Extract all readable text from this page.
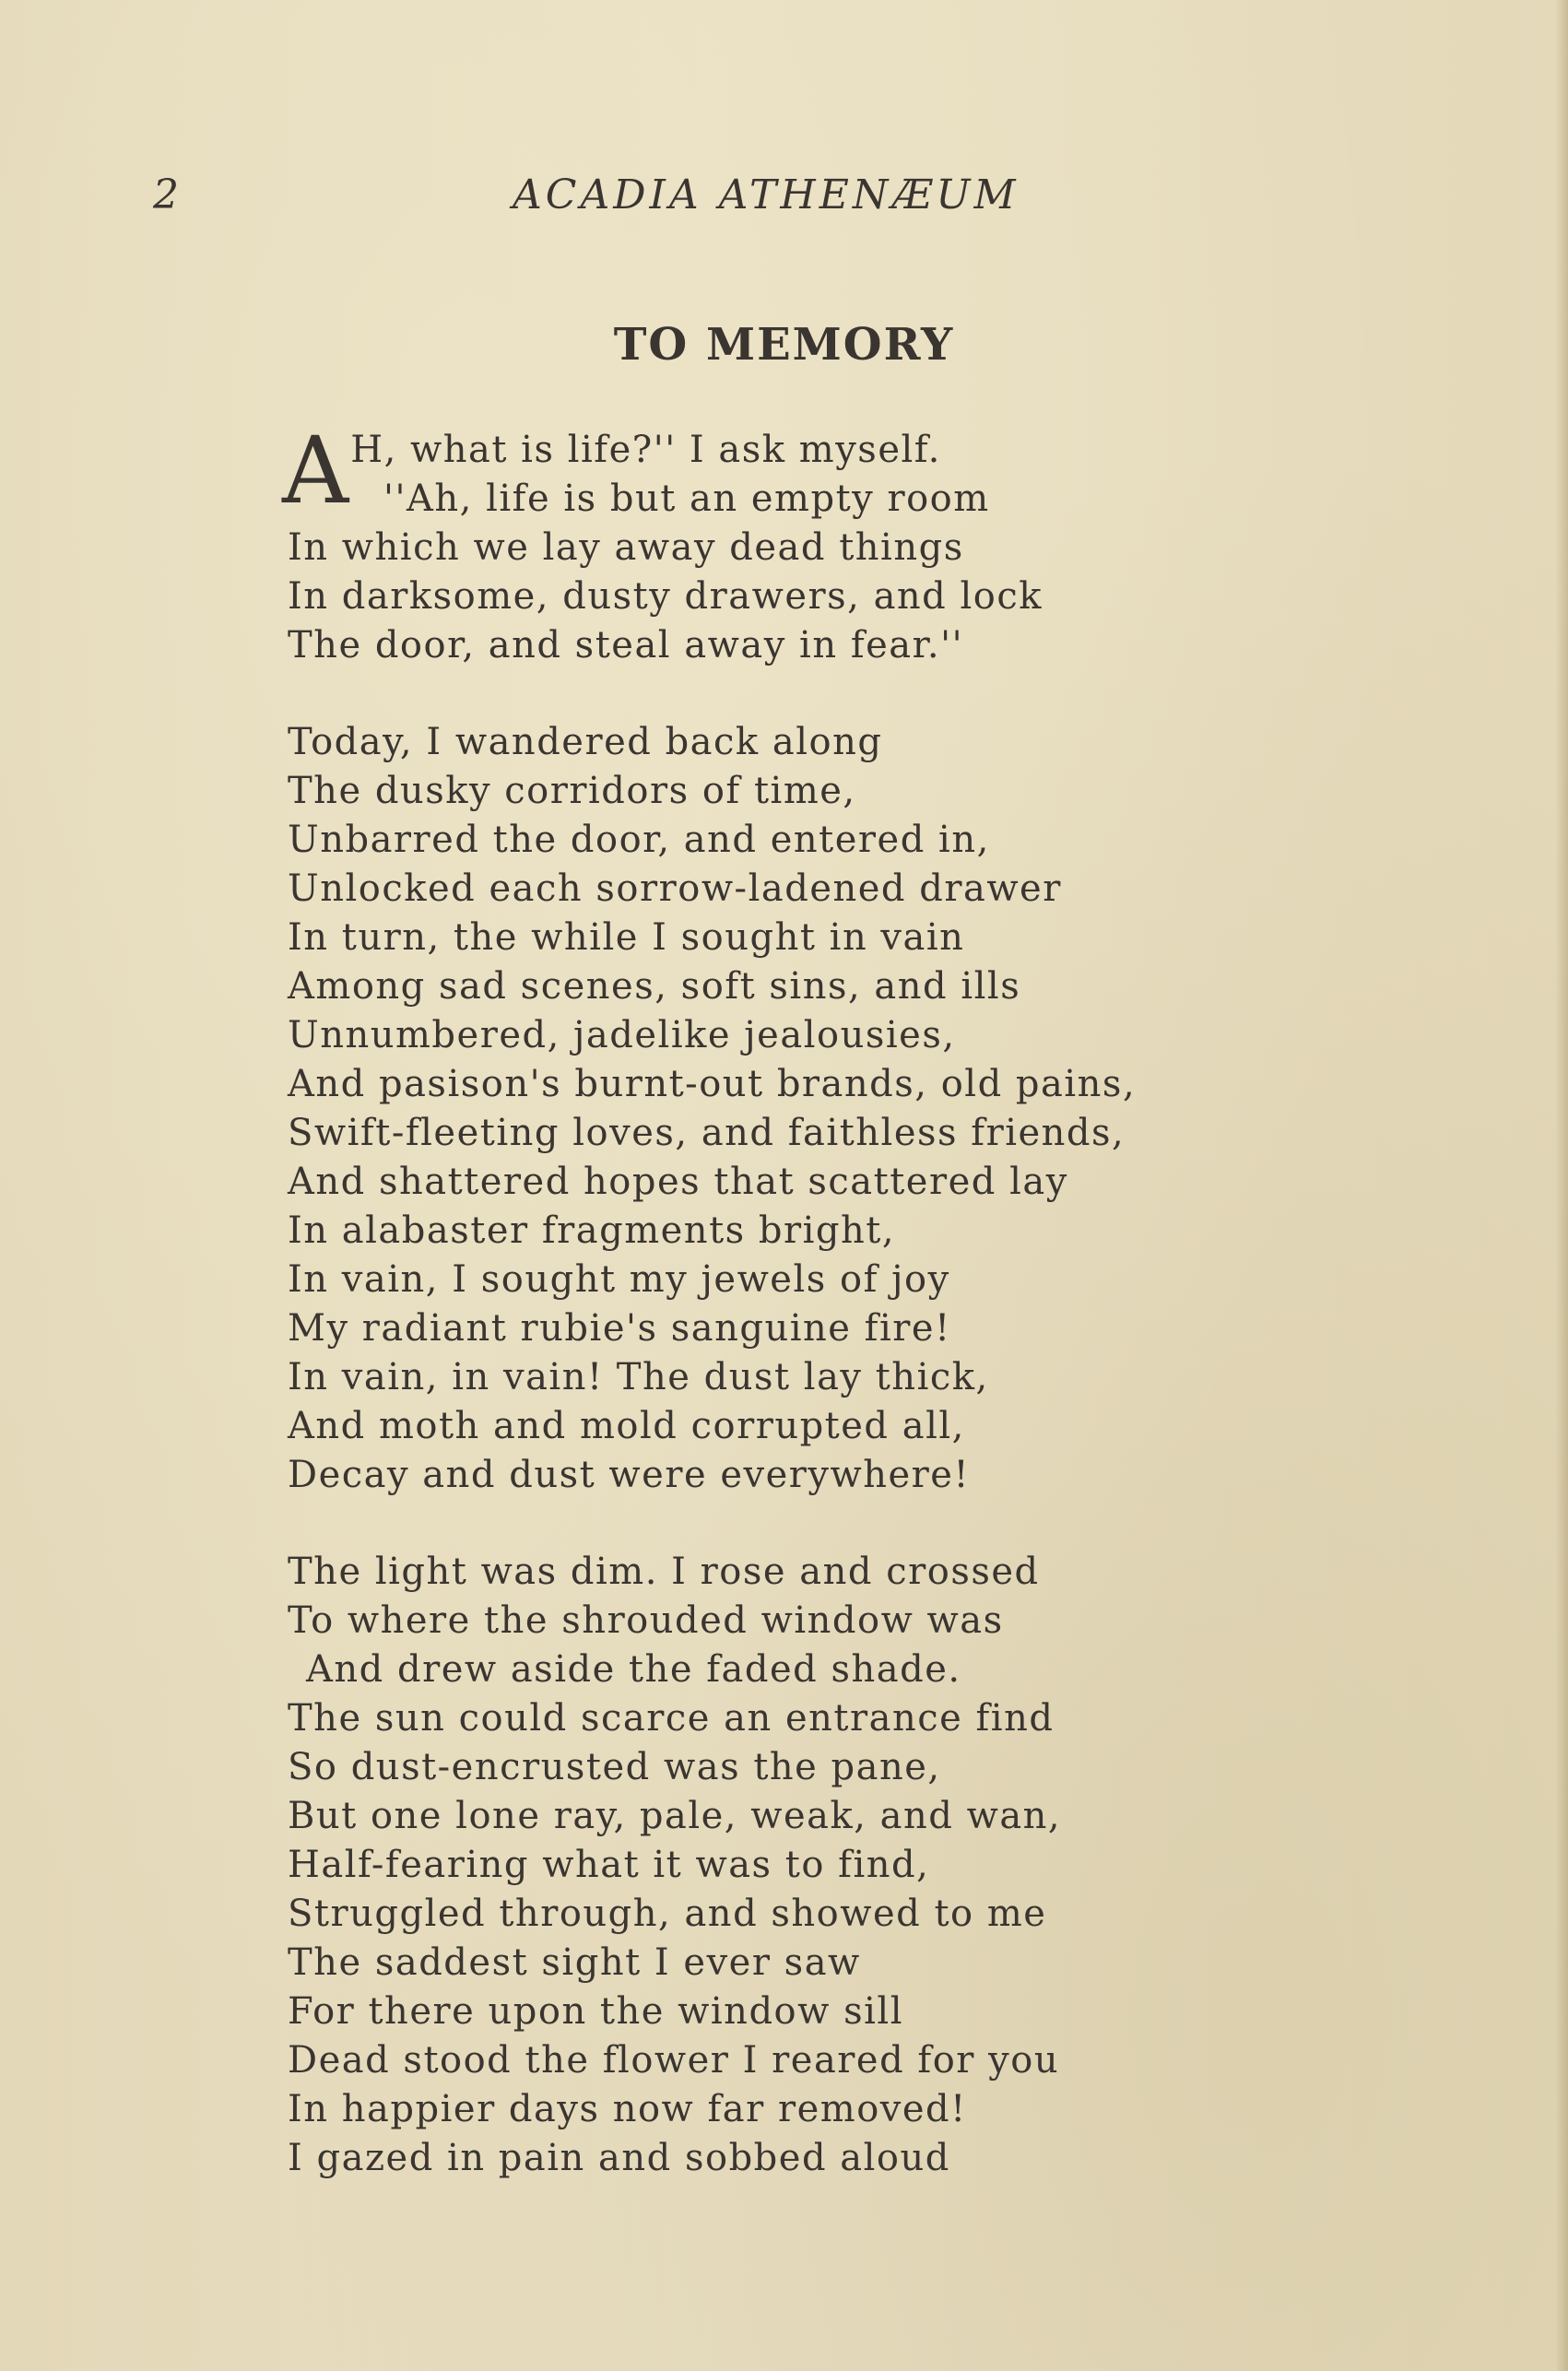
2	ACADIA ATHENÆUM
TO MEMORY
A H, what is life?'' I ask myself.
''Ah, life is but an empty room
In which we lay away dead things
In darksome, dusty drawers, and lock
The door, and steal away in fear.''
Today, I wandered back along
The dusky corridors of time,
Unbarred the door, and entered in,
Unlocked each sorrow-ladened drawer
In turn, the while I sought in vain
Among sad scenes, soft sins, and ills
Unnumbered, jadelike jealousies,
And pasison's burnt-out brands, old pains,
Swift-fleeting loves, and faithless friends,
And shattered hopes that scattered lay
In alabaster fragments bright,
In vain, I sought my jewels of joy
My radiant rubie's sanguine fire!
In vain, in vain! The dust lay thick,
And moth and mold corrupted all,
Decay and dust were everywhere!
The light was dim. I rose and crossed
To where the shrouded window was
And drew aside the faded shade.
The sun could scarce an entrance find
So dust-encrusted was the pane,
But one lone ray, pale, weak, and wan,
Half-fearing what it was to find,
Struggled through, and showed to me
The saddest sight I ever saw
For there upon the window sill
Dead stood the flower I reared for you
In happier days now far removed!
I gazed in pain and sobbed aloud
